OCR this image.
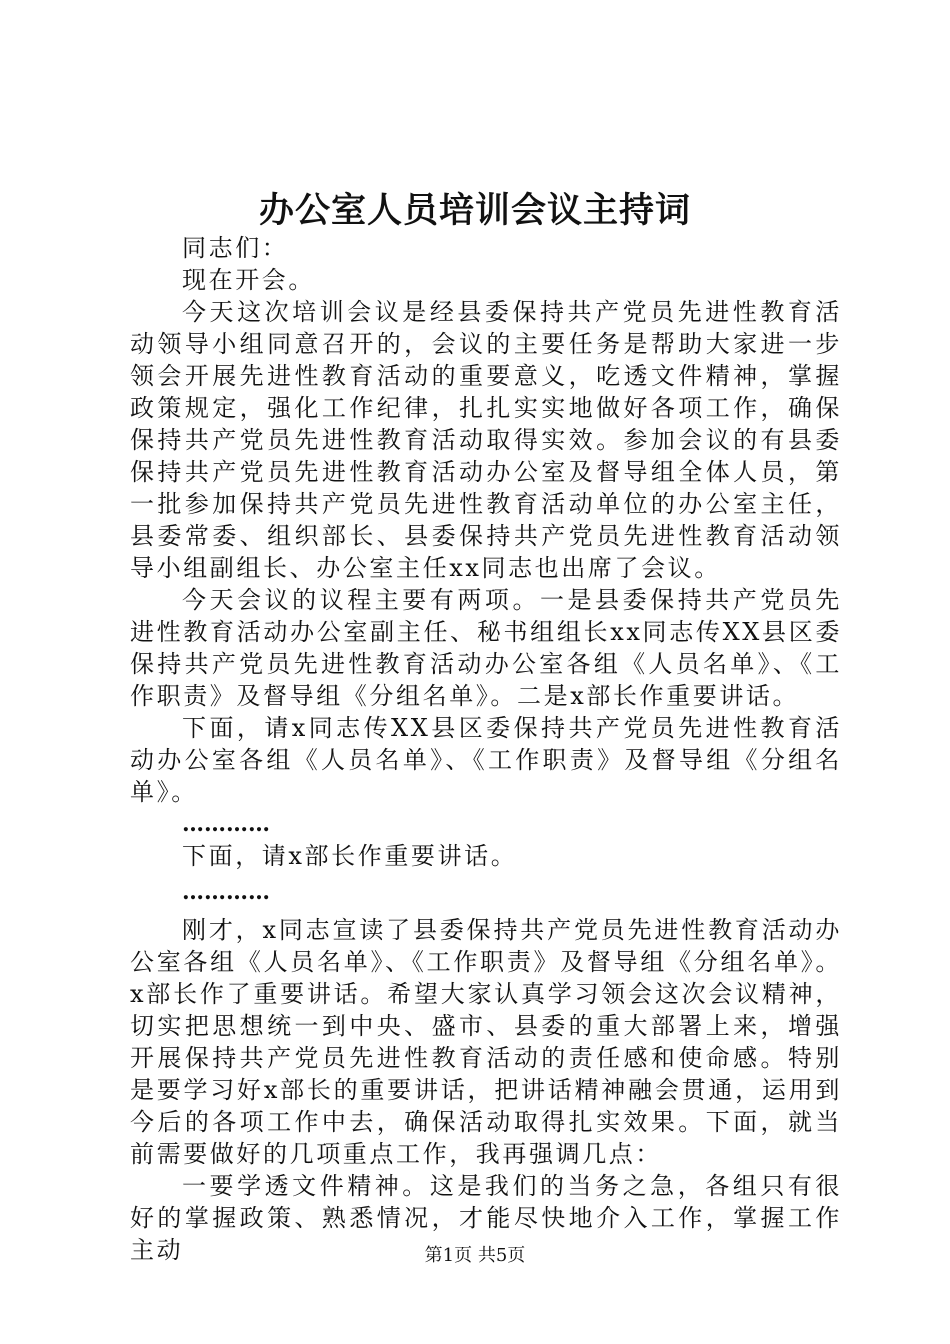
办公室人员培训会议主持词

同志们：

现在开会。

今天这次培训会议是经县委保持共产党员先进性教育活动领导小组同意召开的，会议的主要任务是帮助大家进一步领会开展先进性教育活动的重要意义，吃透文件精神，掌握政策规定，强化工作纪律，扎扎实实地做好各项工作，确保保持共产党员先进性教育活动取得实效。参加会议的有县委保持共产党员先进性教育活动办公室及督导组全体人员，第一批参加保持共产党员先进性教育活动单位的办公室主任，县委常委、组织部长、县委保持共产党员先进性教育活动领导小组副组长、办公室主任xx同志也出席了会议。

今天会议的议程主要有两项。一是县委保持共产党员先进性教育活动办公室副主任、秘书组组长xx同志传XX县区委保持共产党员先进性教育活动办公室各组《人员名单》、《工作职责》及督导组《分组名单》。二是x部长作重要讲话。

下面，请x同志传XX县区委保持共产党员先进性教育活动办公室各组《人员名单》、《工作职责》及督导组《分组名单》。

…………

下面，请x部长作重要讲话。

…………

刚才，x同志宣读了县委保持共产党员先进性教育活动办公室各组《人员名单》、《工作职责》及督导组《分组名单》。x部长作了重要讲话。希望大家认真学习领会这次会议精神，切实把思想统一到中央、盛市、县委的重大部署上来，增强开展保持共产党员先进性教育活动的责任感和使命感。特别是要学习好x部长的重要讲话，把讲话精神融会贯通，运用到今后的各项工作中去，确保活动取得扎实效果。下面，就当前需要做好的几项重点工作，我再强调几点：

一要学透文件精神。这是我们的当务之急，各组只有很好的掌握政策、熟悉情况，才能尽快地介入工作，掌握工作主动	第1页 共5页
